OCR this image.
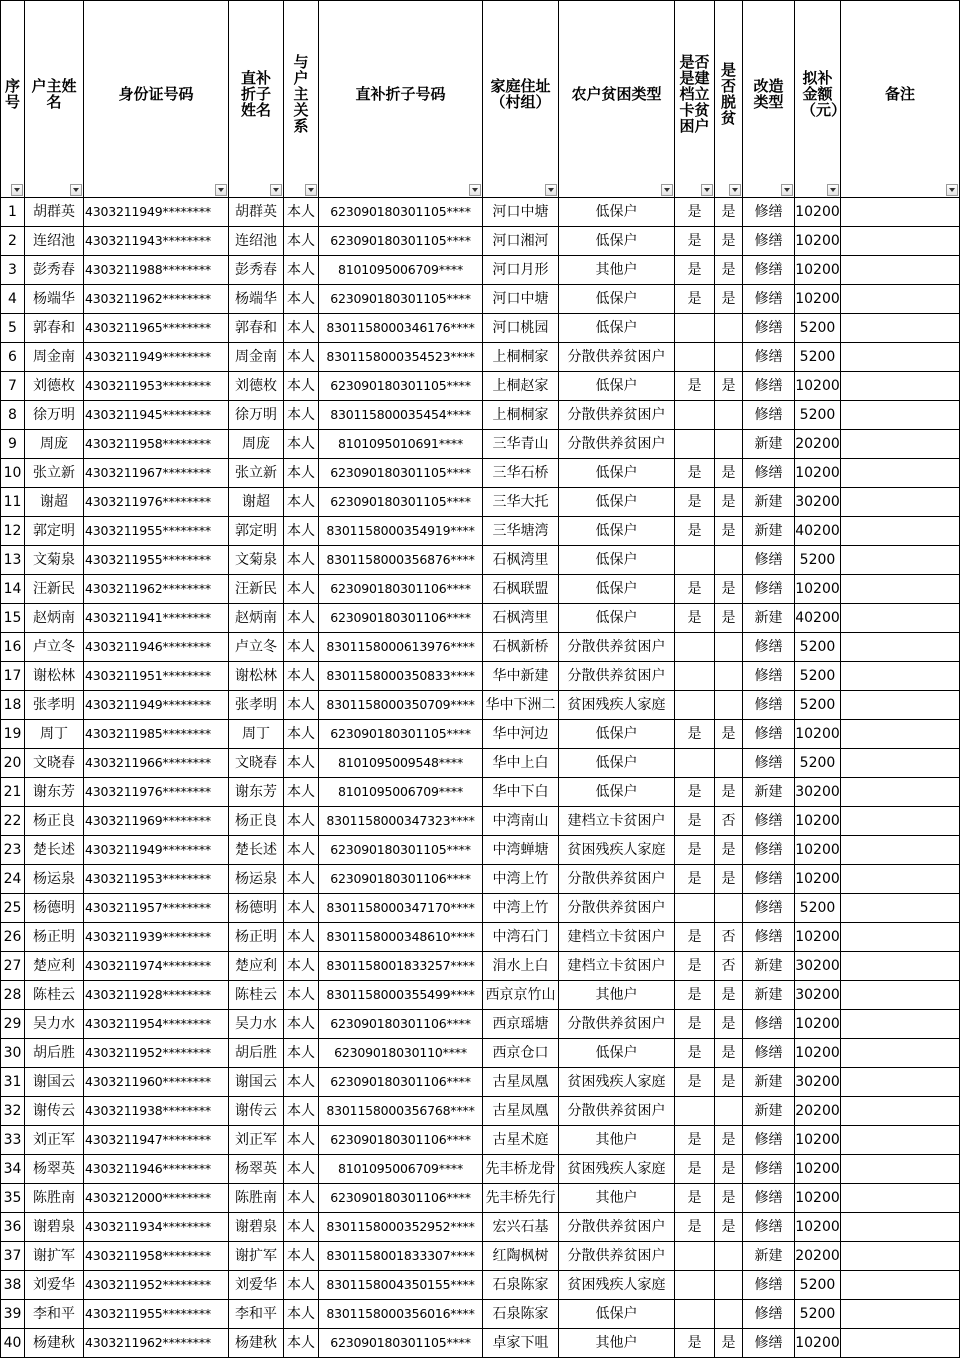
序号	户主姓名	身份证号码	直补折子姓名	与户主关系	直补折子号码	家庭住址（村组）	农户贫困类型	是否是建档立卡贫困户	是否脱贫	改造类型	拟补金额（元）	备注

1	胡群英	4303211949********	胡群英	本人	623090180301105****	河口中塘	低保户	是	是	修缮	10200	
2	连绍池	4303211943********	连绍池	本人	623090180301105****	河口湘河	低保户	是	是	修缮	10200	
3	彭秀春	4303211988********	彭秀春	本人	8101095006709****	河口月形	其他户	是	是	修缮	10200	
4	杨端华	4303211962********	杨端华	本人	623090180301105****	河口中塘	低保户	是	是	修缮	10200	
5	郭春和	4303211965********	郭春和	本人	8301158000346176****	河口桃园	低保户			修缮	5200	
6	周金南	4303211949********	周金南	本人	8301158000354523****	上桐桐家	分散供养贫困户			修缮	5200	
7	刘德枚	4303211953********	刘德枚	本人	623090180301105****	上桐赵家	低保户	是	是	修缮	10200	
8	徐万明	4303211945********	徐万明	本人	830115800035454****	上桐桐家	分散供养贫困户			修缮	5200	
9	周庞	4303211958********	周庞	本人	8101095010691****	三华青山	分散供养贫困户			新建	20200	
10	张立新	4303211967********	张立新	本人	623090180301105****	三华石桥	低保户	是	是	修缮	10200	
11	谢超	4303211976********	谢超	本人	623090180301105****	三华大托	低保户	是	是	新建	30200	
12	郭定明	4303211955********	郭定明	本人	8301158000354919****	三华塘湾	低保户	是	是	新建	40200	
13	文菊泉	4303211955********	文菊泉	本人	8301158000356876****	石枫湾里	低保户			修缮	5200	
14	汪新民	4303211962********	汪新民	本人	623090180301106****	石枫联盟	低保户	是	是	修缮	10200	
15	赵炳南	4303211941********	赵炳南	本人	623090180301106****	石枫湾里	低保户	是	是	新建	40200	
16	卢立冬	4303211946********	卢立冬	本人	8301158000613976****	石枫新桥	分散供养贫困户			修缮	5200	
17	谢松林	4303211951********	谢松林	本人	8301158000350833****	华中新建	分散供养贫困户			修缮	5200	
18	张孝明	4303211949********	张孝明	本人	8301158000350709****	华中下洲二	贫困残疾人家庭			修缮	5200	
19	周丁	4303211985********	周丁	本人	623090180301105****	华中河边	低保户	是	是	修缮	10200	
20	文晓春	4303211966********	文晓春	本人	8101095009548****	华中上白	低保户			修缮	5200	
21	谢东芳	4303211976********	谢东芳	本人	8101095006709****	华中下白	低保户	是	是	新建	30200	
22	杨正良	4303211969********	杨正良	本人	8301158000347323****	中湾南山	建档立卡贫困户	是	否	修缮	10200	
23	楚长述	4303211949********	楚长述	本人	623090180301105****	中湾蝉塘	贫困残疾人家庭	是	是	修缮	10200	
24	杨运泉	4303211953********	杨运泉	本人	623090180301106****	中湾上竹	分散供养贫困户	是	是	修缮	10200	
25	杨德明	4303211957********	杨德明	本人	8301158000347170****	中湾上竹	分散供养贫困户			修缮	5200	
26	杨正明	4303211939********	杨正明	本人	8301158000348610****	中湾石门	建档立卡贫困户	是	否	修缮	10200	
27	楚应利	4303211974********	楚应利	本人	8301158001833257****	涓水上白	建档立卡贫困户	是	否	新建	30200	
28	陈桂云	4303211928********	陈桂云	本人	8301158000355499****	西京京竹山	其他户	是	是	新建	30200	
29	吴力水	4303211954********	吴力水	本人	623090180301106****	西京瑶塘	分散供养贫困户	是	是	修缮	10200	
30	胡后胜	4303211952********	胡后胜	本人	62309018030110****	西京仓口	低保户	是	是	修缮	10200	
31	谢国云	4303211960********	谢国云	本人	623090180301106****	古星凤凰	贫困残疾人家庭	是	是	新建	30200	
32	谢传云	4303211938********	谢传云	本人	8301158000356768****	古星凤凰	分散供养贫困户			新建	20200	
33	刘正军	4303211947********	刘正军	本人	623090180301106****	古星术庭	其他户	是	是	修缮	10200	
34	杨翠英	4303211946********	杨翠英	本人	8101095006709****	先丰桥龙骨	贫困残疾人家庭	是	是	修缮	10200	
35	陈胜南	4303212000********	陈胜南	本人	623090180301106****	先丰桥先行	其他户	是	是	修缮	10200	
36	谢碧泉	4303211934********	谢碧泉	本人	8301158000352952****	宏兴石基	分散供养贫困户	是	是	修缮	10200	
37	谢扩军	4303211958********	谢扩军	本人	8301158001833307****	红陶枫树	分散供养贫困户			新建	20200	
38	刘爱华	4303211952********	刘爱华	本人	8301158004350155****	石泉陈家	贫困残疾人家庭			修缮	5200	
39	李和平	4303211955********	李和平	本人	8301158000356016****	石泉陈家	低保户			修缮	5200	
40	杨建秋	4303211962********	杨建秋	本人	623090180301105****	卓家下咀	其他户	是	是	修缮	10200	
